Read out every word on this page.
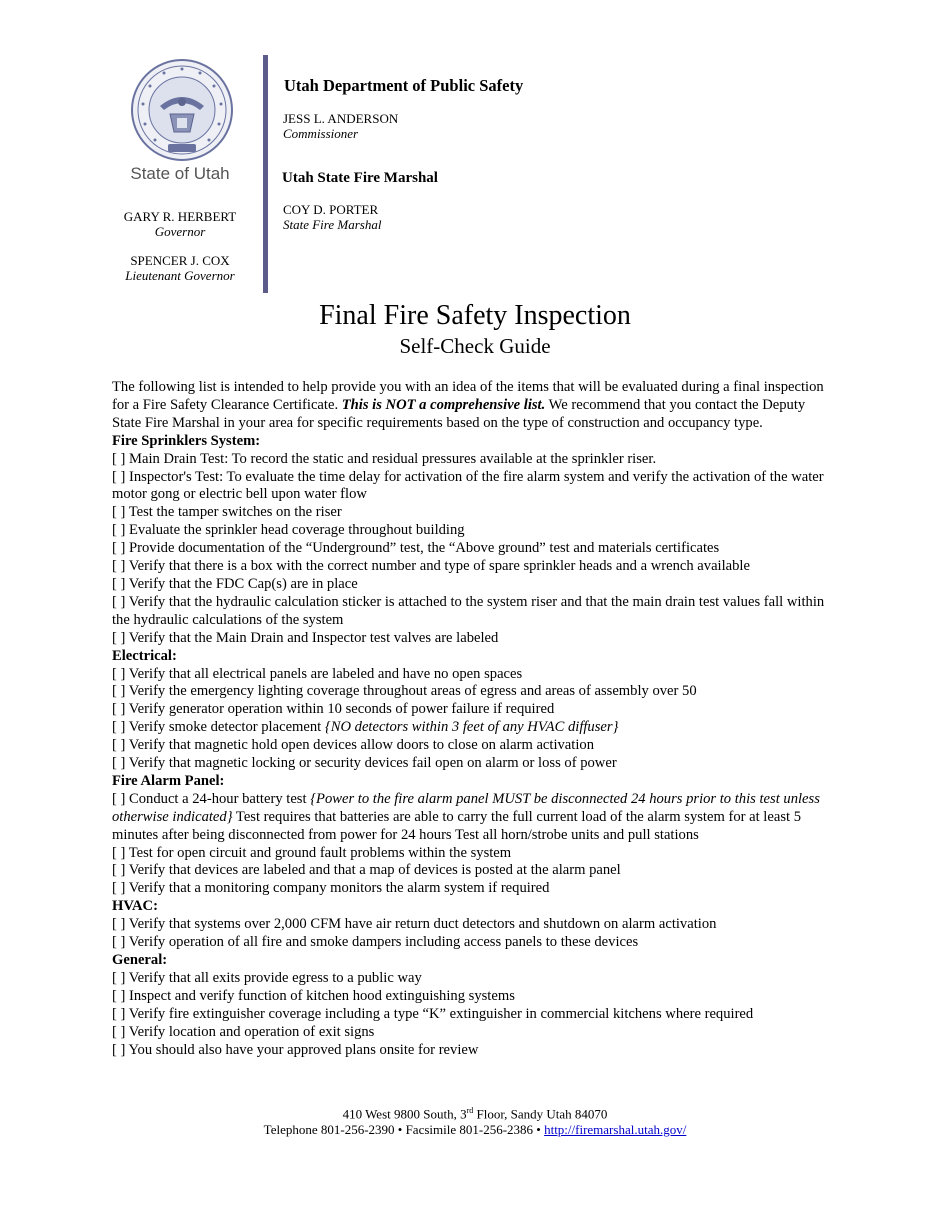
State of Utah
GARY R. HERBERT
Governor
SPENCER J. COX
Lieutenant Governor
Utah Department of Public Safety
JESS L. ANDERSON
Commissioner
Utah State Fire Marshal
COY D. PORTER
State Fire Marshal
Final Fire Safety Inspection
Self-Check Guide

The following list is intended to help provide you with an idea of the items that will be evaluated during a final inspection for a Fire Safety Clearance Certificate. This is NOT a comprehensive list. We recommend that you contact the Deputy State Fire Marshal in your area for specific requirements based on the type of construction and occupancy type.

Fire Sprinklers System:

[ ] Main Drain Test: To record the static and residual pressures available at the sprinkler riser.

[ ] Inspector's Test: To evaluate the time delay for activation of the fire alarm system and verify the activation of the water motor gong or electric bell upon water flow

[ ] Test the tamper switches on the riser

[ ] Evaluate the sprinkler head coverage throughout building

[ ] Provide documentation of the “Underground” test, the “Above ground” test and materials certificates

[ ] Verify that there is a box with the correct number and type of spare sprinkler heads and a wrench available

[ ] Verify that the FDC Cap(s) are in place

[ ] Verify that the hydraulic calculation sticker is attached to the system riser and that the main drain test values fall within the hydraulic calculations of the system

[ ] Verify that the Main Drain and Inspector test valves are labeled

Electrical:

[ ] Verify that all electrical panels are labeled and have no open spaces

[ ] Verify the emergency lighting coverage throughout areas of egress and areas of assembly over 50

[ ] Verify generator operation within 10 seconds of power failure if required

[ ] Verify smoke detector placement {NO detectors within 3 feet of any HVAC diffuser}

[ ] Verify that magnetic hold open devices allow doors to close on alarm activation

[ ] Verify that magnetic locking or security devices fail open on alarm or loss of power

Fire Alarm Panel:

[ ] Conduct a 24-hour battery test {Power to the fire alarm panel MUST be disconnected 24 hours prior to this test unless otherwise indicated} Test requires that batteries are able to carry the full current load of the alarm system for at least 5 minutes after being disconnected from power for 24 hours Test all horn/strobe units and pull stations

[ ] Test for open circuit and ground fault problems within the system

[ ] Verify that devices are labeled and that a map of devices is posted at the alarm panel

[ ] Verify that a monitoring company monitors the alarm system if required

HVAC:

[ ] Verify that systems over 2,000 CFM have air return duct detectors and shutdown on alarm activation

[ ] Verify operation of all fire and smoke dampers including access panels to these devices

General:

[ ] Verify that all exits provide egress to a public way

[ ] Inspect and verify function of kitchen hood extinguishing systems

[ ] Verify fire extinguisher coverage including a type “K” extinguisher in commercial kitchens where required

[ ] Verify location and operation of exit signs

[ ] You should also have your approved plans onsite for review

410 West 9800 South, 3rd Floor, Sandy Utah 84070
Telephone 801-256-2390 • Facsimile 801-256-2386 • http://firemarshal.utah.gov/
